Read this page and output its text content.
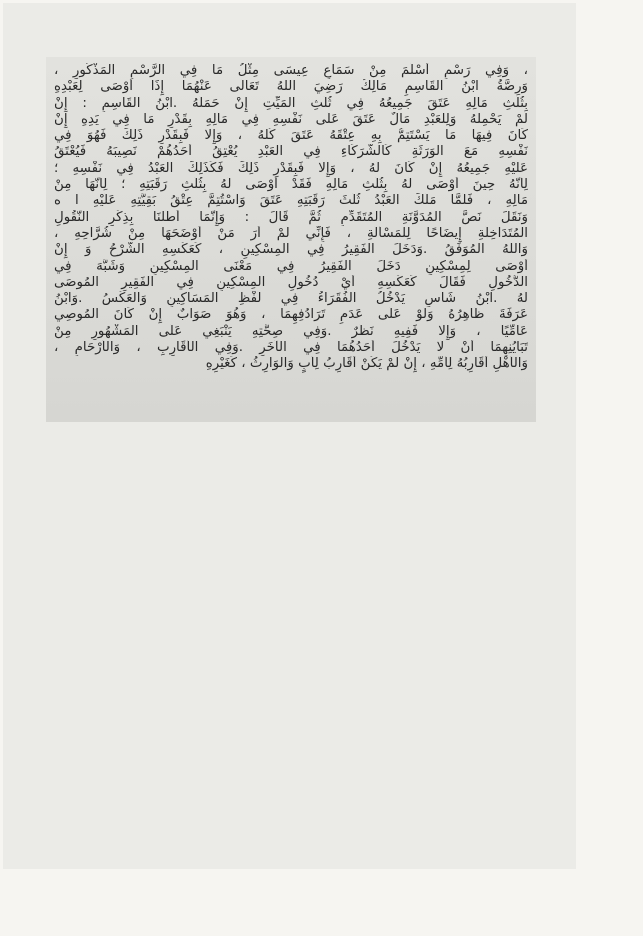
، وَفِي رَسْمِ أَسْلَمَ مِنْ سَمَاعِ عِيسَى مِثْلُ مَا فِي الرَّسْمِ الْمَذْكُورِ ،
وَرِصَّةُ ابْنُ الْقَاسِمِ مَالِكُ رَضِيَ اللَّهُ تَعَالَى عَنْهُمَا إِذَا أَوْصَى لِعَبْدِهِ
بِثُلُثِ مَالِهِ عَتَقَ جَمِيعُهُ فِي ثُلُثِ الْمَيِّتِ إِنْ حَمَلَهُ .ابْنُ الْقَاسِمِ : إِنْ
لَمْ يَحْمِلْهُ وَلِلْعَبْدِ مَالٌ عَتَقَ عَلَى نَفْسِهِ فِي مَالِهِ بِقَدْرِ مَا فِي يَدِهِ إِنْ
كَانَ فِيهَا مَا يَسْتَتِمُّ بِهِ عِتْقَهُ عَتَقَ كُلُّهُ ، وَإِلَّا فَبِقَدْرِ ذَلِكَ فَهُوَ فِي
نَفْسِهِ مَعَ الْوَرَثَةِ كَالشُّرَكَاءِ فِي الْعَبْدِ يُعْتِقُ أَحَدُهُمْ نَصِيبَهُ فَيُعْتَقُ
عَلَيْهِ جَمِيعُهُ إِنْ كَانَ لَهُ ، وَإِلَّا فَبِقَدْرِ ذَلِكَ فَكَذَلِكَ الْعَبْدُ فِي نَفْسِهِ ؛
لِأَنَّهُ حِينَ أَوْصَى لَهُ بِثُلُثِ مَالِهِ فَقَدْ أَوْصَى لَهُ بِثُلُثِ رَقَبَتِهِ ؛ لِأَنَّهَا مِنْ
مَالِهِ ، فَلَمَّا مَلَكَ الْعَبْدُ ثُلُثَ رَقَبَتِهِ عَتَقَ وَاسْتُتِمَّ عِتْقُ بَقِيَّتِهِ عَلَيْهِ ا ه
وَنَقَلَ نَصَّ الْمُدَوَّنَةِ الْمُتَقَدِّمِ ثُمَّ قَالَ : وَإِنَّمَا أَطَلْنَا بِذِكْرِ النُّقُولِ
الْمُتَدَاخِلَةِ إِيضَاحًا لِلْمَسْأَلَةِ ، فَإِنِّي لَمْ أَرَ مَنْ أَوْضَحَهَا مِنْ شُرَّاحِهِ ،
وَاللَّهُ الْمُوَفِّقُ .وَدَخَلَ الْفَقِيرُ فِي الْمِسْكِينِ ، كَعَكْسِهِ الشَّرْحُ وَ إِنْ
أَوْصَى لِمِسْكِينٍ دَخَلَ الْفَقِيرُ فِي مَعْنَى الْمِسْكِينِ وَشَبَّهَ فِي
الدُّخُولِ فَقَالَ كَعَكْسِهِ أَيْ دُخُولِ الْمِسْكِينِ فِي الْفَقِيرِ الْمُوصَى
لَهُ .ابْنُ شَاسٍ يَدْخُلُ الْفُقَرَاءُ فِي لَفْظِ الْمَسَاكِينِ وَالْعَكْسُ .وَابْنُ
عَرَفَةَ ظَاهِرُهُ وَلَوْ عَلَى عَدَمِ تَرَادُفِهِمَا ، وَهُوَ صَوَابٌ إِنْ كَانَ الْمُوصِي
عَامِّيًا ، وَإِلَّا فَفِيهِ نَظَرٌ .وَفِي صِحَّتِهِ يَنْبَغِي عَلَى الْمَشْهُورِ مِنْ
تَبَايُنِهِمَا أَنْ لَا يَدْخُلَ أَحَدُهُمَا فِي الْآخَرِ .وَفِي الْأَقَارِبِ ، وَالْأَرْحَامِ ،
وَالْأَهْلِ أَقَارِبُهُ لِأُمِّهِ ، إِنْ لَمْ يَكُنْ أَقَارِبُ لِأَبٍ وَالْوَارِثُ ، كَغَيْرِهِ
